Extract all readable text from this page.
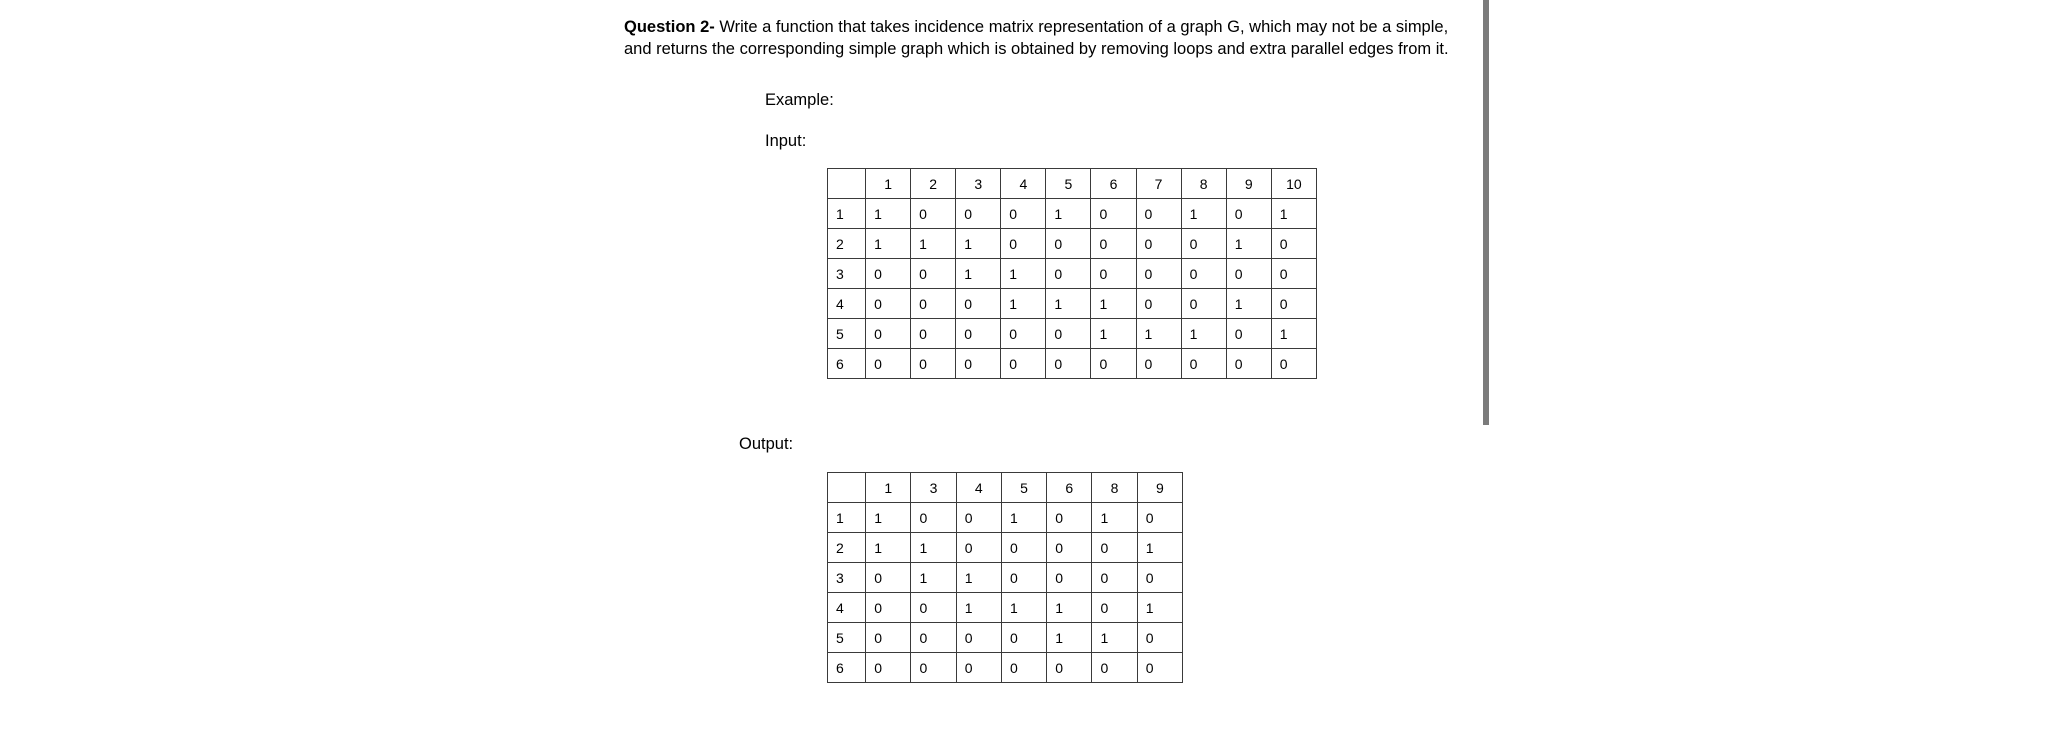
Question 2- Write a function that takes incidence matrix representation of a graph G, which may not be a simple, and returns the corresponding simple graph which is obtained by removing loops and extra parallel edges from it.
Example:
Input:
	1	2	3	4	5	6	7	8	9	10
1	1	0	0	0	1	0	0	1	0	1
2	1	1	1	0	0	0	0	0	1	0
3	0	0	1	1	0	0	0	0	0	0
4	0	0	0	1	1	1	0	0	1	0
5	0	0	0	0	0	1	1	1	0	1
6	0	0	0	0	0	0	0	0	0	0
Output:
	1	3	4	5	6	8	9
1	1	0	0	1	0	1	0
2	1	1	0	0	0	0	1
3	0	1	1	0	0	0	0
4	0	0	1	1	1	0	1
5	0	0	0	0	1	1	0
6	0	0	0	0	0	0	0
